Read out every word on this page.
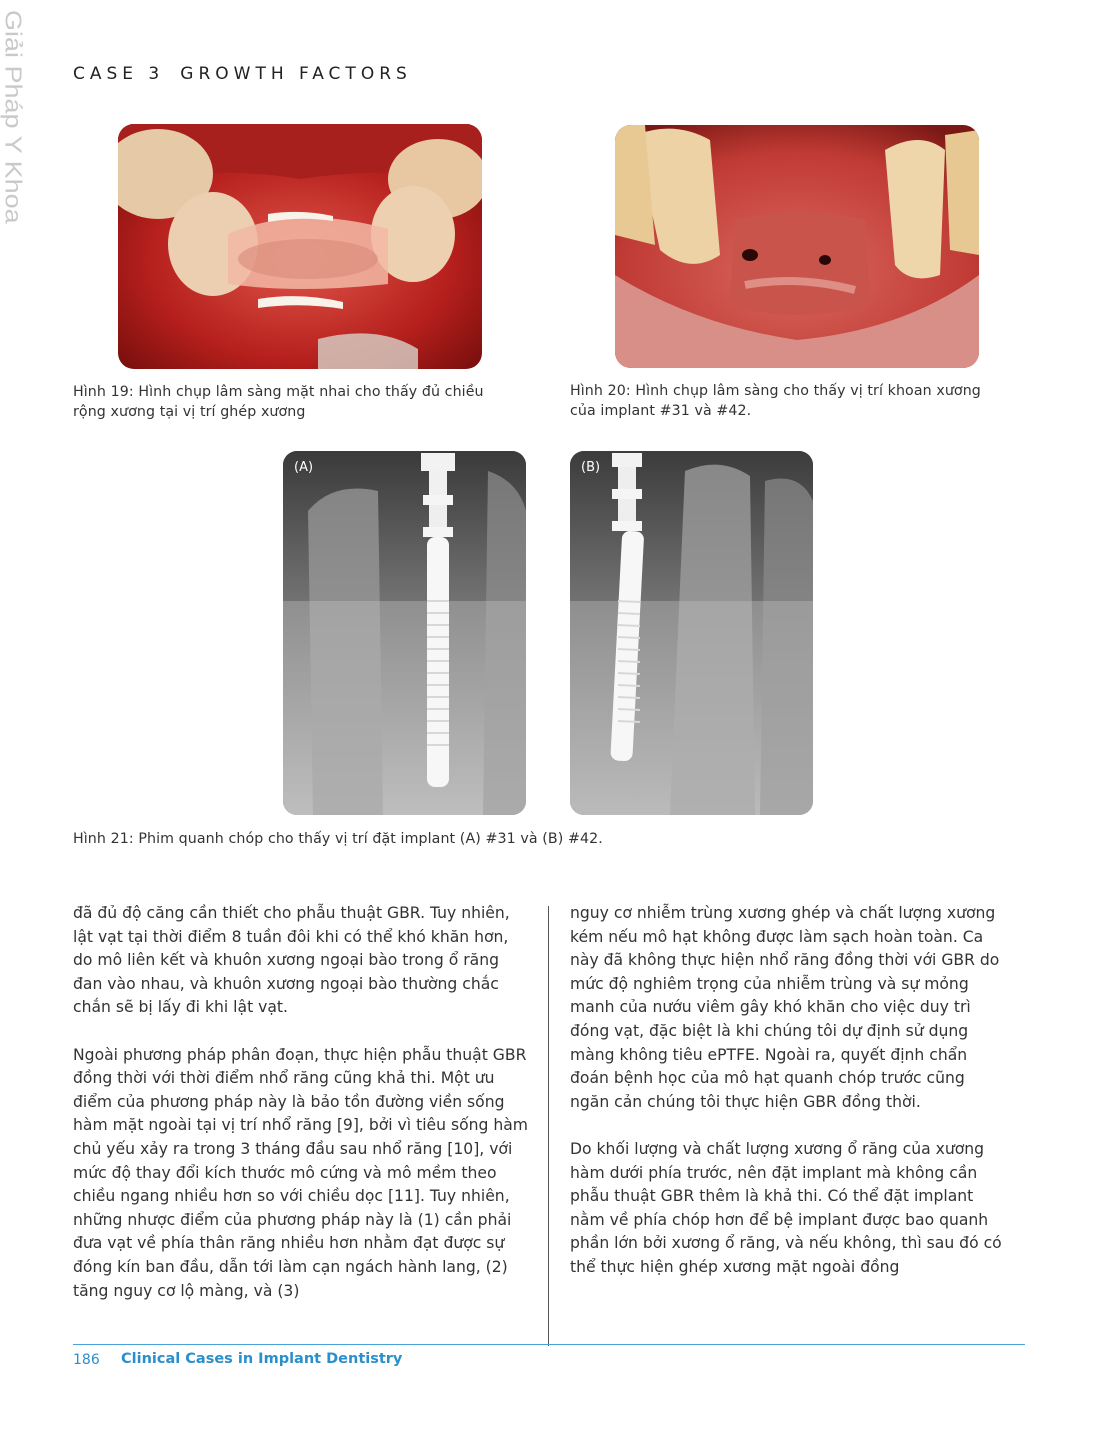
Giải Pháp Y Khoa	CASE 3 GROWTH FACTORS
Hình 19: Hình chụp lâm sàng mặt nhai cho thấy đủ chiều rộng xương tại vị trí ghép xương
Hình 20: Hình chụp lâm sàng cho thấy vị trí khoan xương của implant #31 và #42.
(A)	(B)
Hình 21: Phim quanh chóp cho thấy vị trí đặt implant (A) #31 và (B) #42.

đã đủ độ căng cần thiết cho phẫu thuật GBR. Tuy nhiên, lật vạt tại thời điểm 8 tuần đôi khi có thể khó khăn hơn, do mô liên kết và khuôn xương ngoại bào trong ổ răng đan vào nhau, và khuôn xương ngoại bào thường chắc chắn sẽ bị lấy đi khi lật vạt.

Ngoài phương pháp phân đoạn, thực hiện phẫu thuật GBR đồng thời với thời điểm nhổ răng cũng khả thi. Một ưu điểm của phương pháp này là bảo tồn đường viền sống hàm mặt ngoài tại vị trí nhổ răng [9], bởi vì tiêu sống hàm chủ yếu xảy ra trong 3 tháng đầu sau nhổ răng [10], với mức độ thay đổi kích thước mô cứng và mô mềm theo chiều ngang nhiều hơn so với chiều dọc [11]. Tuy nhiên, những nhược điểm của phương pháp này là (1) cần phải đưa vạt về phía thân răng nhiều hơn nhằm đạt được sự đóng kín ban đầu, dẫn tới làm cạn ngách hành lang, (2) tăng nguy cơ lộ màng, và (3)

nguy cơ nhiễm trùng xương ghép và chất lượng xương kém nếu mô hạt không được làm sạch hoàn toàn. Ca này đã không thực hiện nhổ răng đồng thời với GBR do mức độ nghiêm trọng của nhiễm trùng và sự mỏng manh của nướu viêm gây khó khăn cho việc duy trì đóng vạt, đặc biệt là khi chúng tôi dự định sử dụng màng không tiêu ePTFE. Ngoài ra, quyết định chẩn đoán bệnh học của mô hạt quanh chóp trước cũng ngăn cản chúng tôi thực hiện GBR đồng thời.

Do khối lượng và chất lượng xương ổ răng của xương hàm dưới phía trước, nên đặt implant mà không cần phẫu thuật GBR thêm là khả thi. Có thể đặt implant nằm về phía chóp hơn để bệ implant được bao quanh phần lớn bởi xương ổ răng, và nếu không, thì sau đó có thể thực hiện ghép xương mặt ngoài đồng

186 Clinical Cases in Implant Dentistry
